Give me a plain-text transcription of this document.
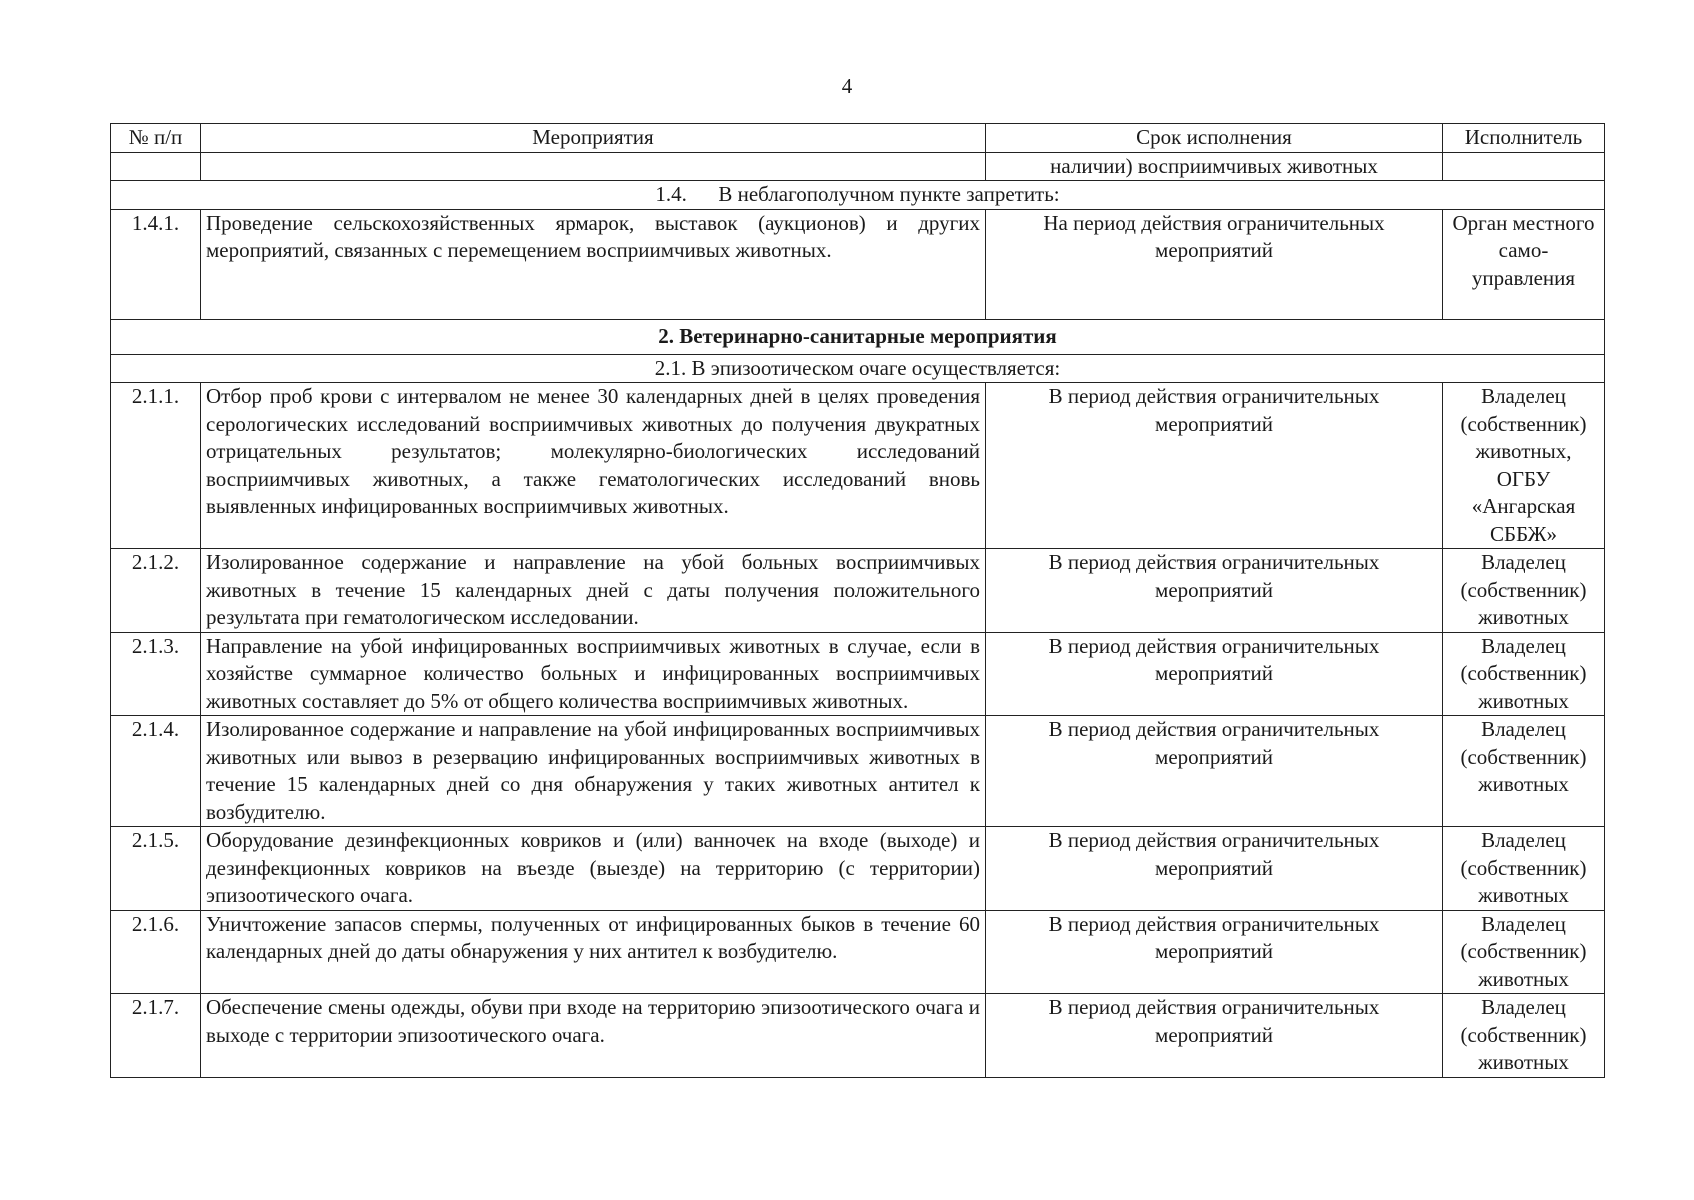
4
№ п/п	Мероприятия	Срок исполнения	Исполнитель
		наличии) восприимчивых животных	
1.4.      В неблагополучном пункте запретить:			
1.4.1.	Проведение сельскохозяйственных ярмарок, выставок (аукционов) и других мероприятий, связанных с перемещением восприимчивых животных.	На период действия ограничительных мероприятий	Орган местного само-управления
2. Ветеринарно-санитарные мероприятия			
2.1. В эпизоотическом очаге осуществляется:			
2.1.1.	Отбор проб крови с интервалом не менее 30 календарных дней в целях проведения серологических исследований восприимчивых животных до получения двукратных отрицательных результатов; молекулярно-биологических исследований восприимчивых животных, а также гематологических исследований вновь выявленных инфицированных восприимчивых животных.	В период действия ограничительных мероприятий	Владелец (собственник) животных, ОГБУ «Ангарская СББЖ»
2.1.2.	Изолированное содержание и направление на убой больных восприимчивых животных в течение 15 календарных дней с даты получения положительного результата при гематологическом исследовании.	В период действия ограничительных мероприятий	Владелец (собственник) животных
2.1.3.	Направление на убой инфицированных восприимчивых животных в случае, если в хозяйстве суммарное количество больных и инфицированных восприимчивых животных составляет до 5% от общего количества восприимчивых животных.	В период действия ограничительных мероприятий	Владелец (собственник) животных
2.1.4.	Изолированное содержание и направление на убой инфицированных восприимчивых животных или вывоз в резервацию инфицированных восприимчивых животных в течение 15 календарных дней со дня обнаружения у таких животных антител к возбудителю.	В период действия ограничительных мероприятий	Владелец (собственник) животных
2.1.5.	Оборудование дезинфекционных ковриков и (или) ванночек на входе (выходе) и дезинфекционных ковриков на въезде (выезде) на территорию (с территории) эпизоотического очага.	В период действия ограничительных мероприятий	Владелец (собственник) животных
2.1.6.	Уничтожение запасов спермы, полученных от инфицированных быков в течение 60 календарных дней до даты обнаружения у них антител к возбудителю.	В период действия ограничительных мероприятий	Владелец (собственник) животных
2.1.7.	Обеспечение смены одежды, обуви при входе на территорию эпизоотического очага и выходе с территории эпизоотического очага.	В период действия ограничительных мероприятий	Владелец (собственник) животных
